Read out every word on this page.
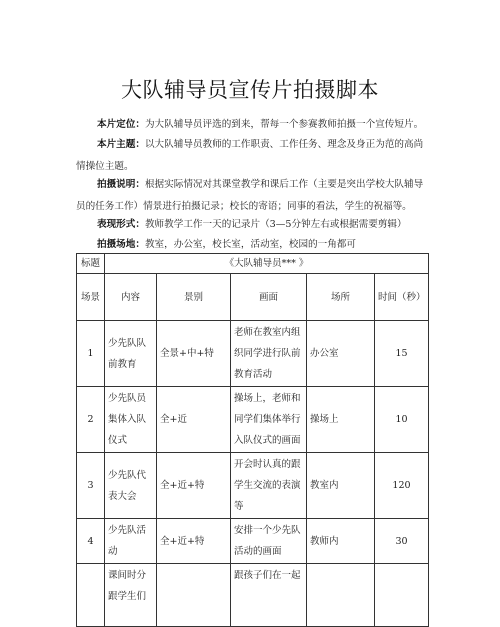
大队辅导员宣传片拍摄脚本
本片定位：为大队辅导员评选的到来，帮每一个参赛教师拍摄一个宣传短片。
本片主题：以大队辅导员教师的工作职责、工作任务、理念及身正为范的高尚情操位主题。
拍摄说明：根据实际情况对其课堂教学和课后工作（主要是突出学校大队辅导员的任务工作）情景进行拍摄记录；校长的寄语；同事的看法，学生的祝福等。
表现形式：教师教学工作一天的记录片（3—5分钟左右或根据需要剪辑）
拍摄场地：教室，办公室，校长室，活动室，校园的一角都可
标题	《大队辅导员*** 》				
场景	内容	景别	画面	场所	时间（秒）
1	少先队队前教育	全景+中+特	老师在教室内组织同学进行队前教育活动	办公室	15
2	少先队员集体入队仪式	全+近	操场上，老师和同学们集体举行入队仪式的画面	操场上	10
3	少先队代表大会	全+近+特	开会时认真的跟学生交流的表演等	教室内	120
4	少先队活动	全+近+特	安排一个少先队活动的画面	教师内	30
	课间时分跟学生们		跟孩子们在一起		
